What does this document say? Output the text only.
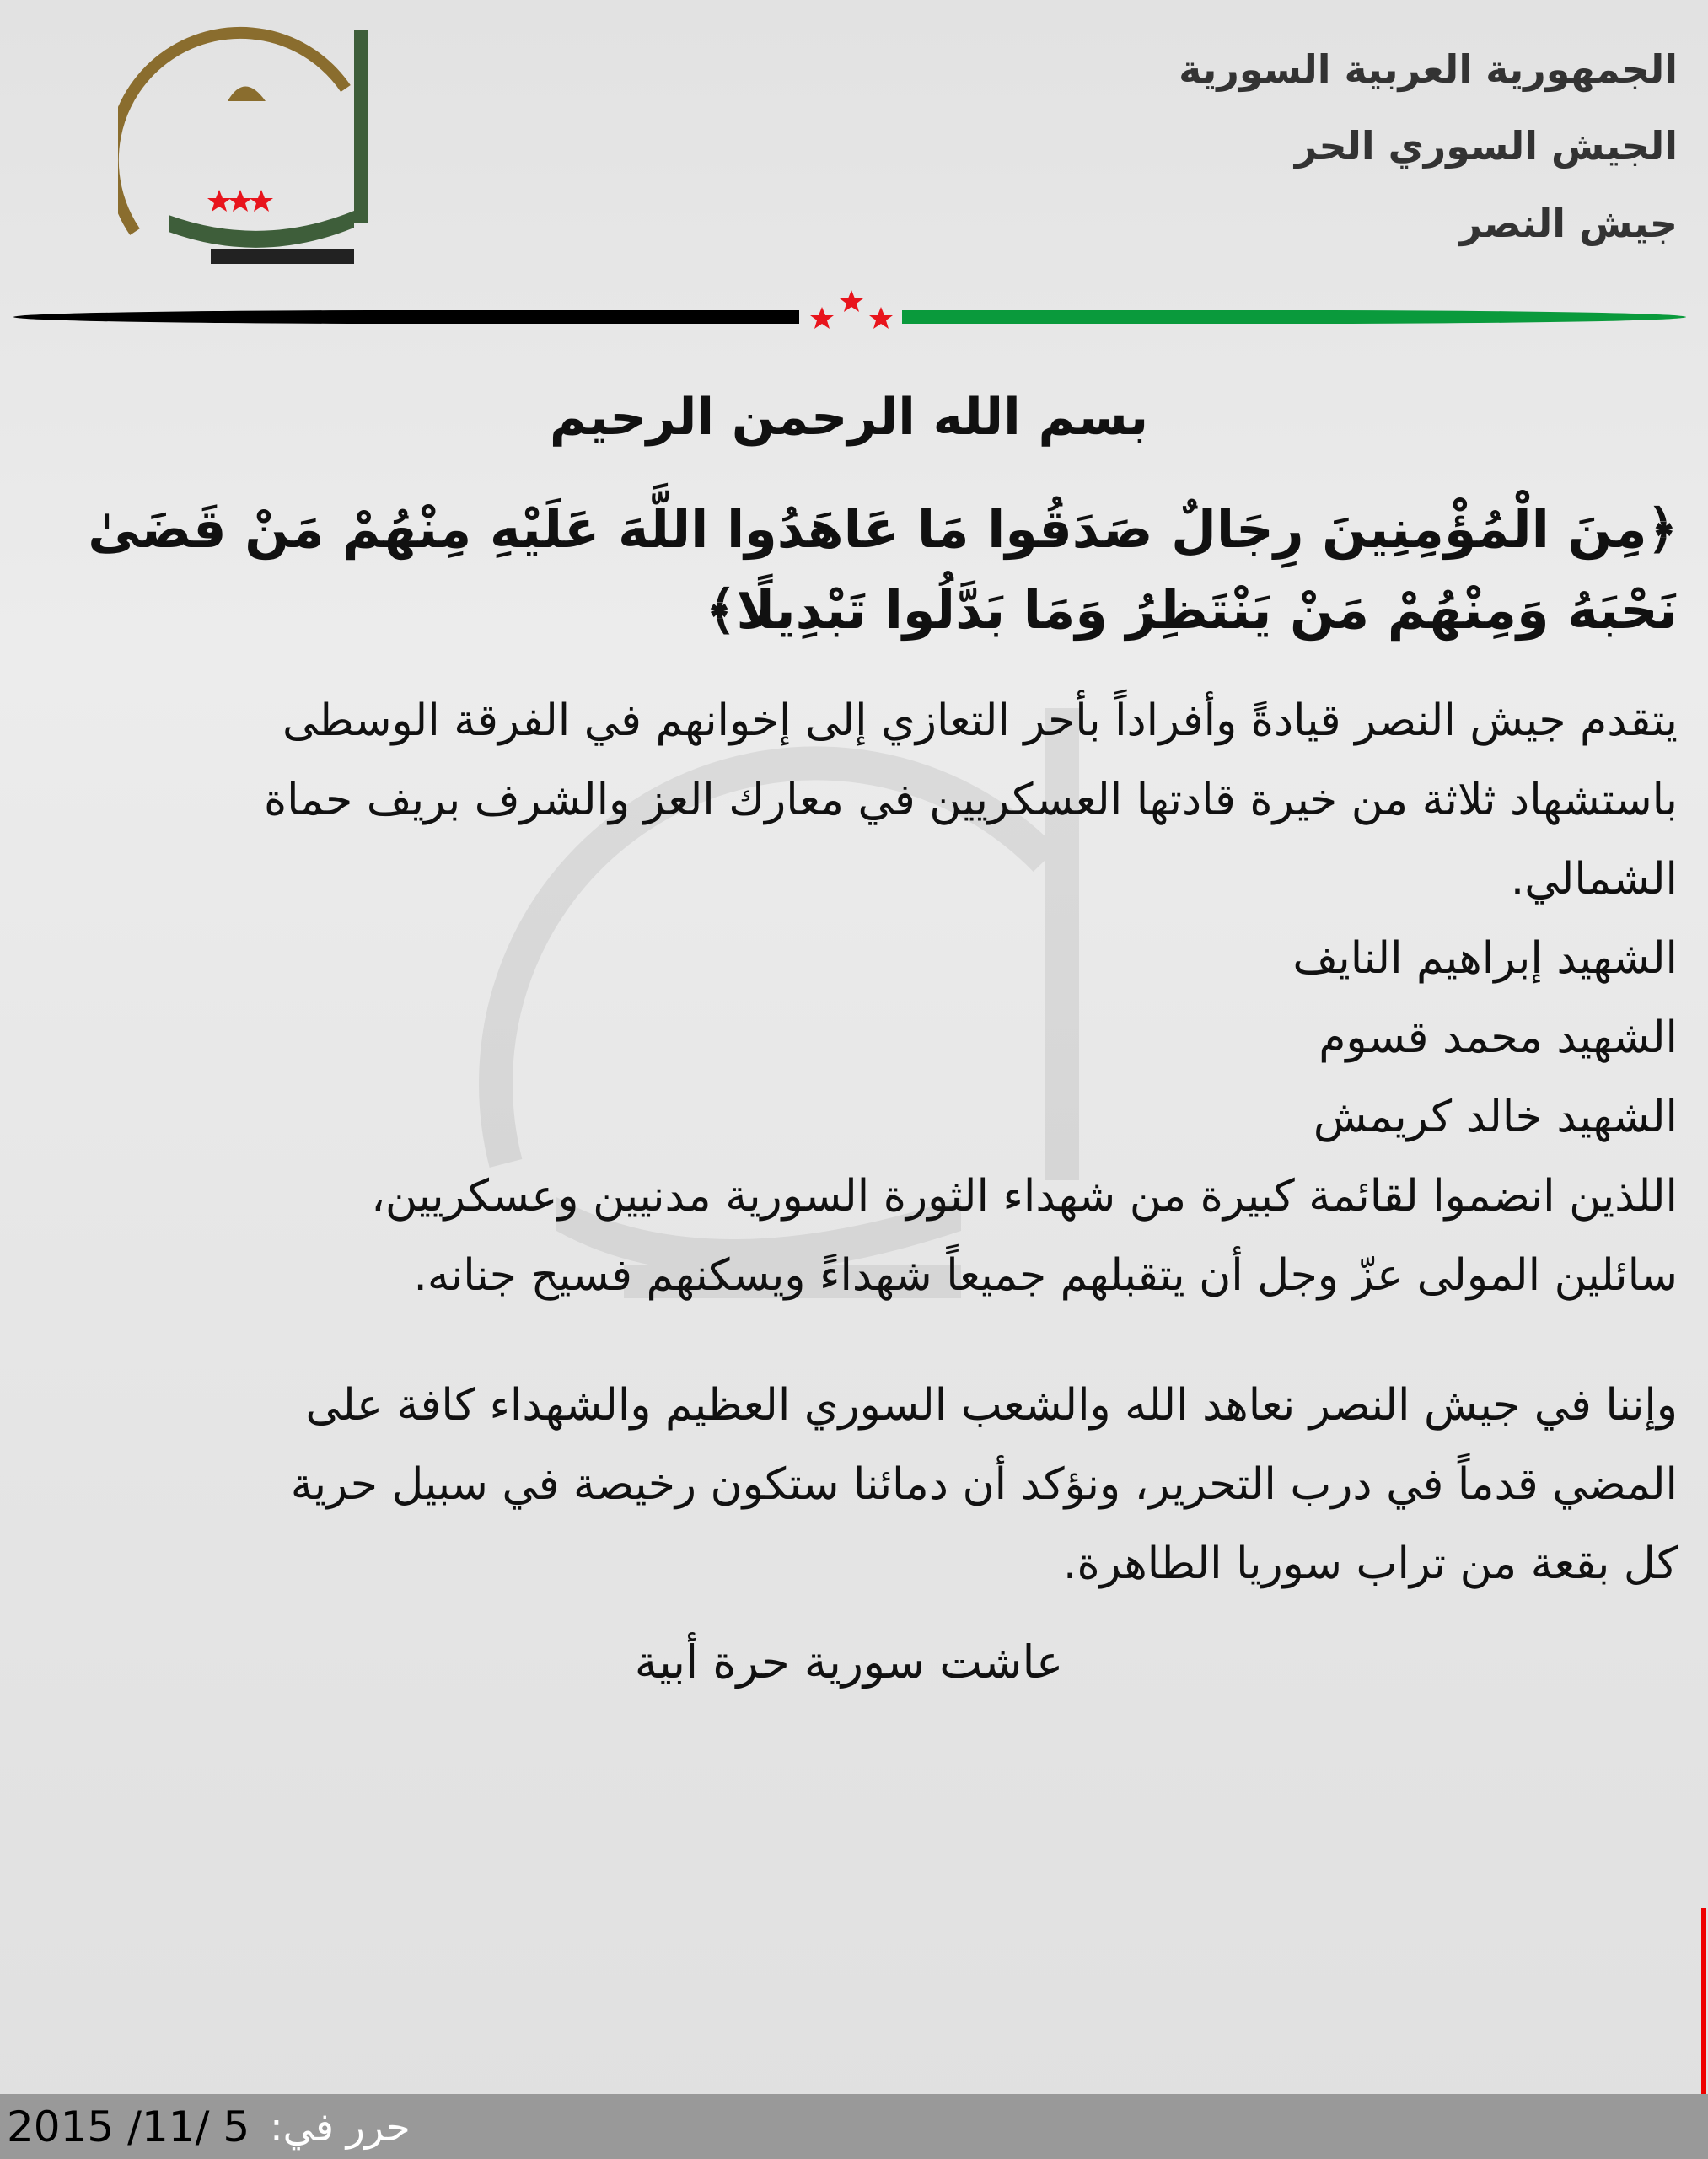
الجمهورية العربية السورية
الجيش السوري الحر
جيش النصر
بسم الله الرحمن الرحيم
﴿مِنَ الْمُؤْمِنِينَ رِجَالٌ صَدَقُوا مَا عَاهَدُوا اللَّهَ عَلَيْهِ مِنْهُمْ مَنْ قَضَىٰ نَحْبَهُ وَمِنْهُمْ مَنْ يَنْتَظِرُ وَمَا بَدَّلُوا تَبْدِيلًا﴾
يتقدم جيش النصر قيادةً وأفراداً بأحر التعازي إلى إخوانهم في الفرقة الوسطى
باستشهاد ثلاثة من خيرة قادتها العسكريين في معارك العز والشرف بريف حماة
الشمالي.
الشهيد إبراهيم النايف
الشهيد محمد قسوم
الشهيد خالد كريمش
اللذين انضموا لقائمة كبيرة من شهداء الثورة السورية مدنيين وعسكريين،
سائلين المولى عزّ وجل أن يتقبلهم جميعاً شهداءً ويسكنهم فسيح جنانه.
وإننا في جيش النصر نعاهد الله والشعب السوري العظيم والشهداء كافة على
المضي قدماً في درب التحرير، ونؤكد أن دمائنا ستكون رخيصة في سبيل حرية
كل بقعة من تراب سوريا الطاهرة.
عاشت سورية حرة أبية
2015 /11/ 5 حرر في:
